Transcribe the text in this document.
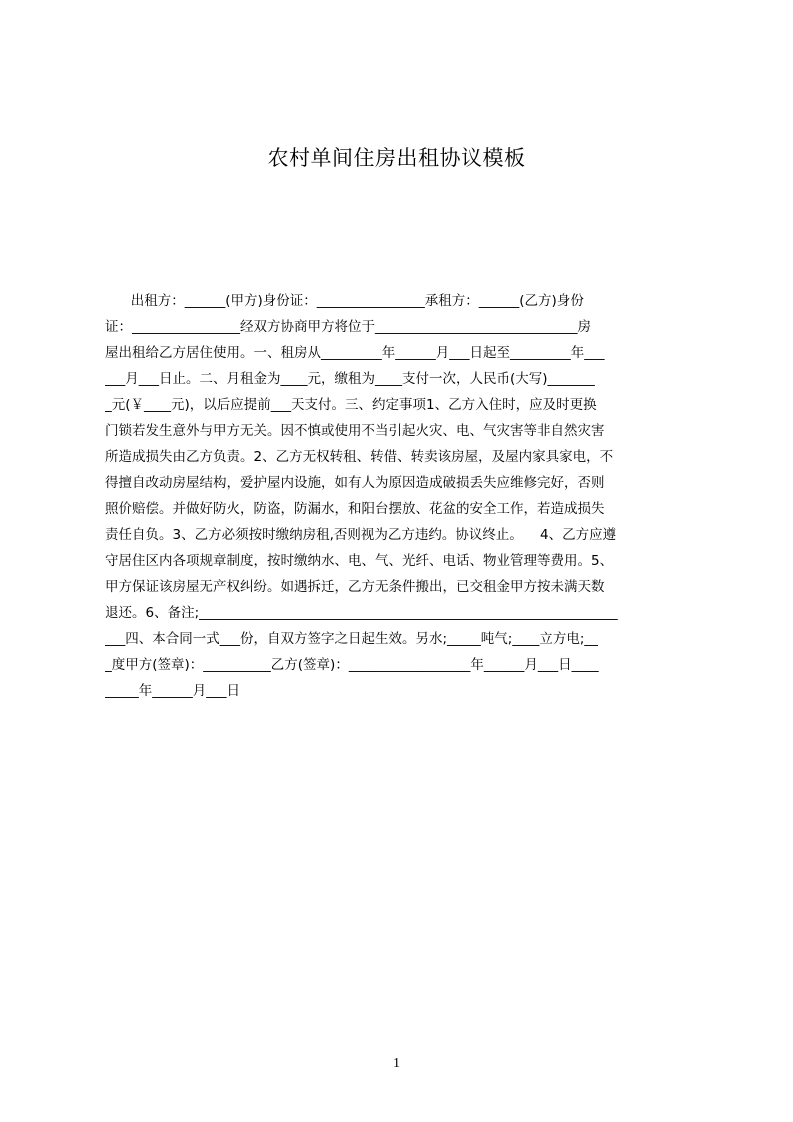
农村单间住房出租协议模板
出租方：______(甲方)身份证：________________承租方：______(乙方)身份
证：________________经双方协商甲方将位于______________________________房
屋出租给乙方居住使用。一、租房从_________年______月___日起至_________年___
___月___日止。二、月租金为____元，缴租为____支付一次，人民币(大写)_______
_元(￥____元)，以后应提前___天支付。三、约定事项1、乙方入住时，应及时更换
门锁若发生意外与甲方无关。因不慎或使用不当引起火灾、电、气灾害等非自然灾害
所造成损失由乙方负责。2、乙方无权转租、转借、转卖该房屋，及屋内家具家电，不
得擅自改动房屋结构，爱护屋内设施，如有人为原因造成破损丢失应维修完好，否则
照价赔偿。并做好防火，防盗，防漏水，和阳台摆放、花盆的安全工作，若造成损失
责任自负。3、乙方必须按时缴纳房租,否则视为乙方违约。协议终止。    4、乙方应遵
守居住区内各项规章制度，按时缴纳水、电、气、光纤、电话、物业管理等费用。5、
甲方保证该房屋无产权纠纷。如遇拆迁，乙方无条件搬出，已交租金甲方按未满天数
退还。6、备注;______________________________________________________________
___四、本合同一式___份，自双方签字之日起生效。另水;_____吨气;____立方电;__
_度甲方(签章)：__________乙方(签章)：__________________年______月___日____
_____年______月___日
1
